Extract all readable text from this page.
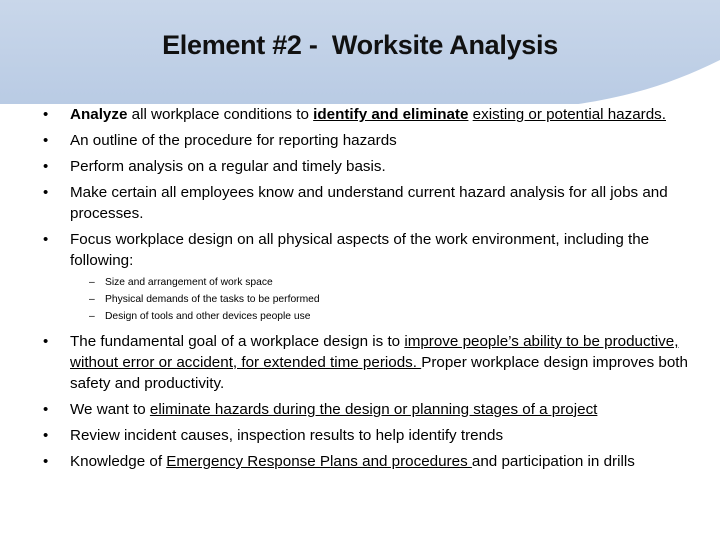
Element #2 -  Worksite Analysis
• Analyze all workplace conditions to identify and eliminate existing or potential hazards.
• An outline of the procedure for reporting hazards
• Perform analysis on a regular and timely basis.
• Make certain all employees know and understand current hazard analysis for all jobs and processes.
• Focus workplace design on all physical aspects of the work environment, including the following:
– Size and arrangement of work space
– Physical demands of the tasks to be performed
– Design of tools and other devices people use
• The fundamental goal of a workplace design is to improve people’s ability to be productive, without error or accident, for extended time periods. Proper workplace design improves both safety and productivity.
• We want to eliminate hazards during the design or planning stages of a project
• Review incident causes, inspection results to help identify trends
• Knowledge of Emergency Response Plans and procedures and participation in drills
